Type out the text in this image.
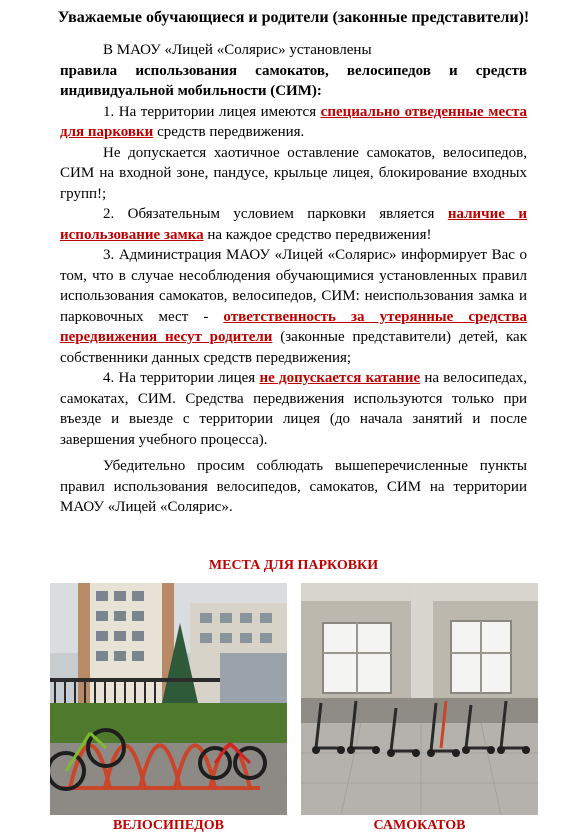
Уважаемые обучающиеся и родители (законные представители)!

В МАОУ «Лицей «Солярис» установлены

правила использования самокатов, велосипедов и средств индивидуальной мобильности (СИМ):

1. На территории лицея имеются специально отведенные места для парковки средств передвижения.

Не допускается хаотичное оставление самокатов, велосипедов, СИМ на входной зоне, пандусе, крыльце лицея, блокирование входных групп!;

2. Обязательным условием парковки является наличие и использование замка на каждое средство передвижения!

3. Администрация МАОУ «Лицей «Солярис» информирует Вас о том, что в случае несоблюдения обучающимися установленных правил использования самокатов, велосипедов, СИМ: неиспользования замка и парковочных мест - ответственность за утерянные средства передвижения несут родители (законные представители) детей, как собственники данных средств передвижения;

4. На территории лицея не допускается катание на велосипедах, самокатах, СИМ. Средства передвижения используются только при въезде и выезде с территории лицея (до начала занятий и после завершения учебного процесса).

Убедительно просим соблюдать вышеперечисленные пункты правил использования велосипедов, самокатов, СИМ на территории МАОУ «Лицей «Солярис».

МЕСТА ДЛЯ ПАРКОВКИ
ВЕЛОСИПЕДОВ	САМОКАТОВ
